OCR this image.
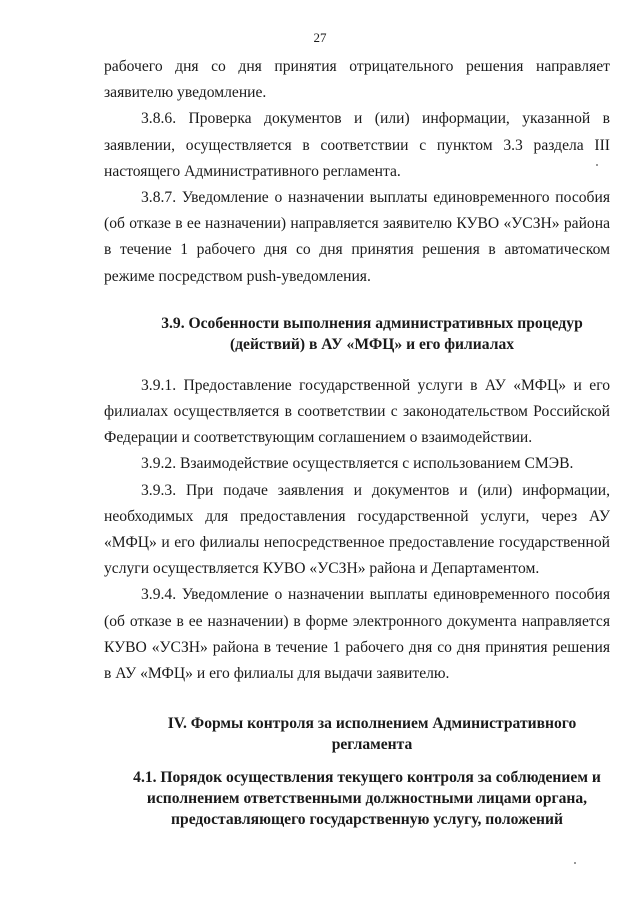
27

рабочего дня со дня принятия отрицательного решения направляет заявителю уведомление.

3.8.6. Проверка документов и (или) информации, указанной в заявлении, осуществляется в соответствии с пунктом 3.3 раздела III настоящего Административного регламента.

3.8.7. Уведомление о назначении выплаты единовременного пособия (об отказе в ее назначении) направляется заявителю КУВО «УСЗН» района в течение 1 рабочего дня со дня принятия решения в автоматическом режиме посредством push-уведомления.

3.9. Особенности выполнения административных процедур (действий) в АУ «МФЦ» и его филиалах

3.9.1. Предоставление государственной услуги в АУ «МФЦ» и его филиалах осуществляется в соответствии с законодательством Российской Федерации и соответствующим соглашением о взаимодействии.

3.9.2. Взаимодействие осуществляется с использованием СМЭВ.

3.9.3. При подаче заявления и документов и (или) информации, необходимых для предоставления государственной услуги, через АУ «МФЦ» и его филиалы непосредственное предоставление государственной услуги осуществляется КУВО «УСЗН» района и Департаментом.

3.9.4. Уведомление о назначении выплаты единовременного пособия (об отказе в ее назначении) в форме электронного документа направляется КУВО «УСЗН» района в течение 1 рабочего дня со дня принятия решения в АУ «МФЦ» и его филиалы для выдачи заявителю.

IV. Формы контроля за исполнением Административного регламента

4.1. Порядок осуществления текущего контроля за соблюдением и исполнением ответственными должностными лицами органа, предоставляющего государственную услугу, положений
